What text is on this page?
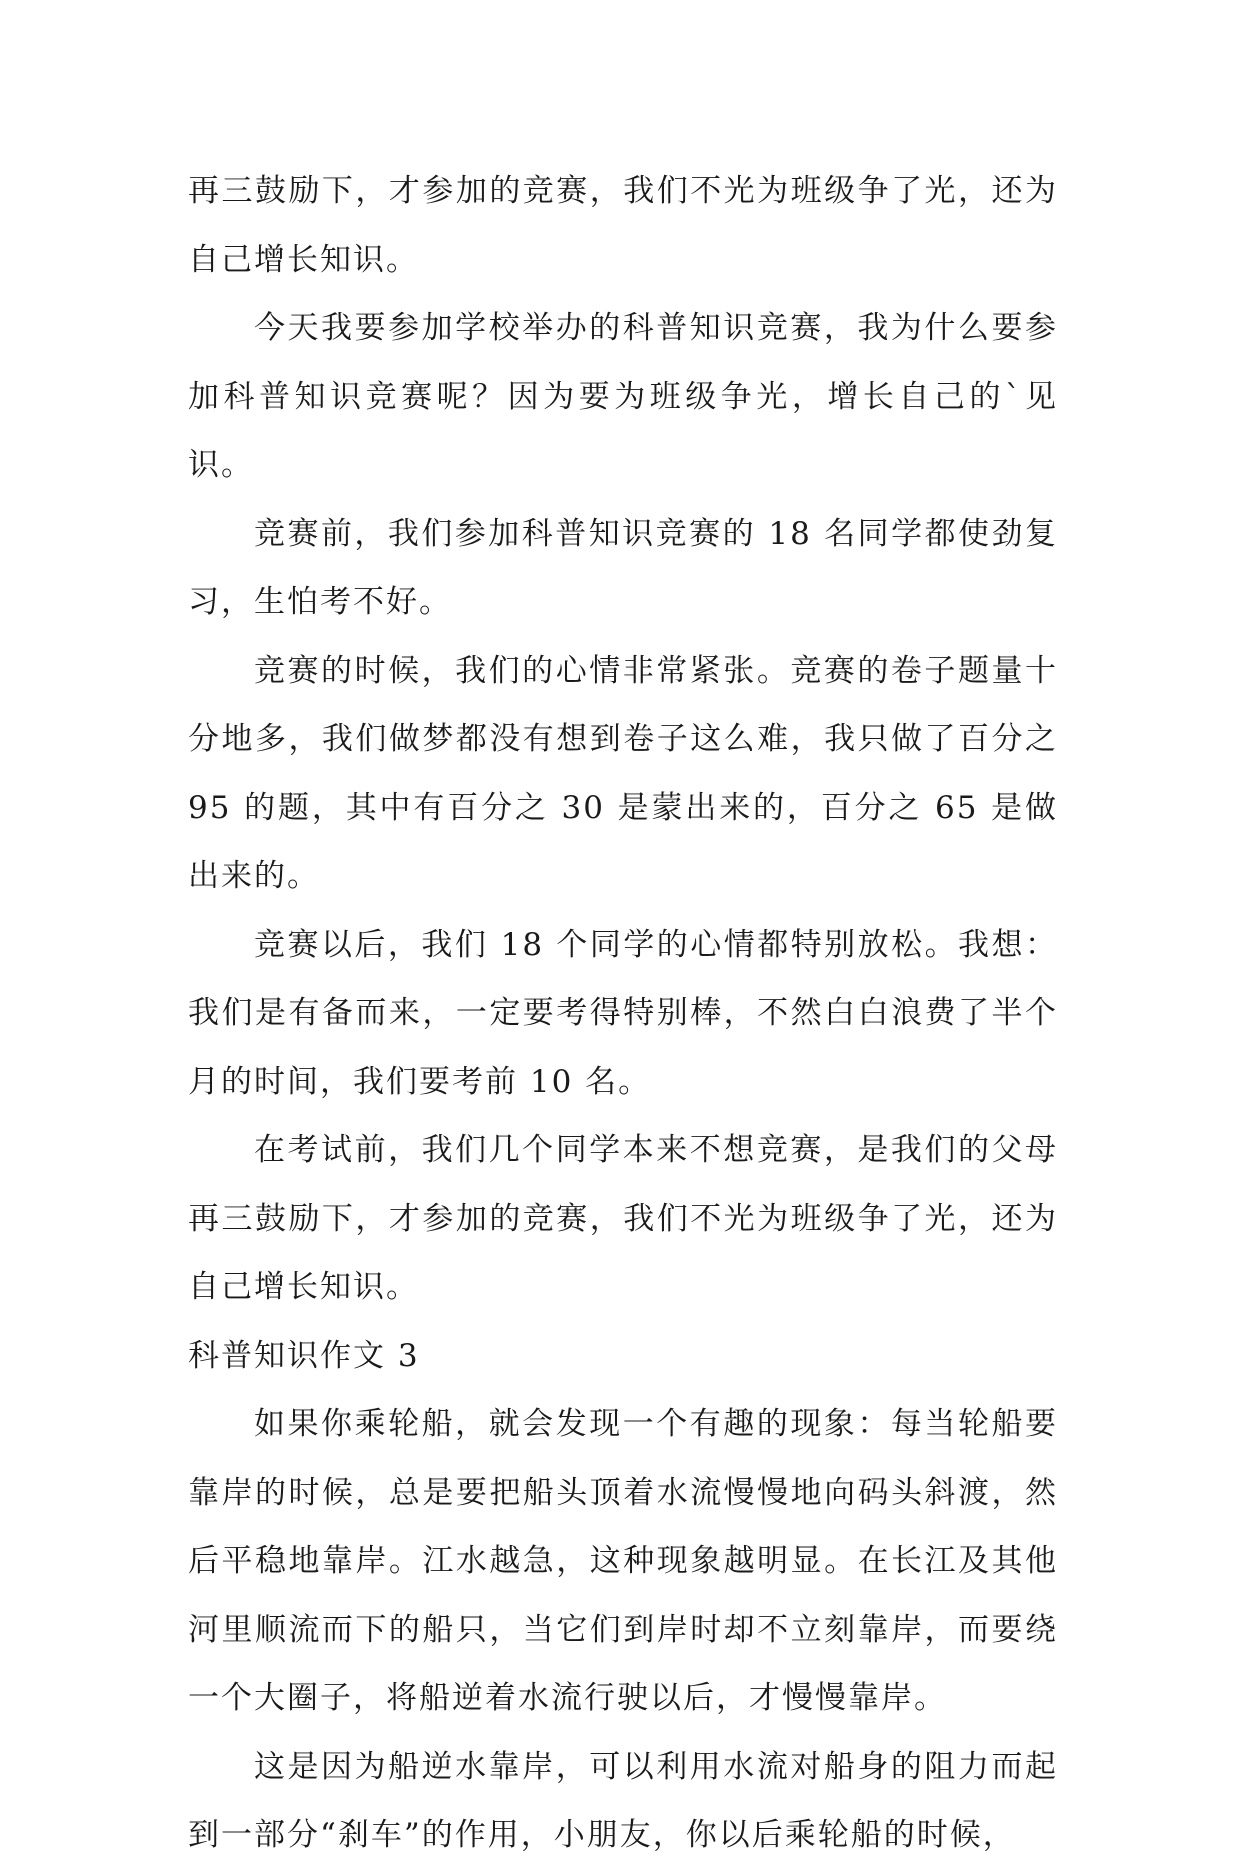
再三鼓励下，才参加的竞赛，我们不光为班级争了光，还为自己增长知识。

今天我要参加学校举办的科普知识竞赛，我为什么要参加科普知识竞赛呢？因为要为班级争光，增长自己的`见识。

竞赛前，我们参加科普知识竞赛的 18 名同学都使劲复习，生怕考不好。

竞赛的时候，我们的心情非常紧张。竞赛的卷子题量十分地多，我们做梦都没有想到卷子这么难，我只做了百分之 95 的题，其中有百分之 30 是蒙出来的，百分之 65 是做出来的。

竞赛以后，我们 18 个同学的心情都特别放松。我想：我们是有备而来，一定要考得特别棒，不然白白浪费了半个月的时间，我们要考前 10 名。

在考试前，我们几个同学本来不想竞赛，是我们的父母再三鼓励下，才参加的竞赛，我们不光为班级争了光，还为自己增长知识。

科普知识作文 3

如果你乘轮船，就会发现一个有趣的现象：每当轮船要靠岸的时候，总是要把船头顶着水流慢慢地向码头斜渡，然后平稳地靠岸。江水越急，这种现象越明显。在长江及其他河里顺流而下的船只，当它们到岸时却不立刻靠岸，而要绕一个大圈子，将船逆着水流行驶以后，才慢慢靠岸。

这是因为船逆水靠岸，可以利用水流对船身的阻力而起到一部分“刹车”的作用，小朋友，你以后乘轮船的时候，
